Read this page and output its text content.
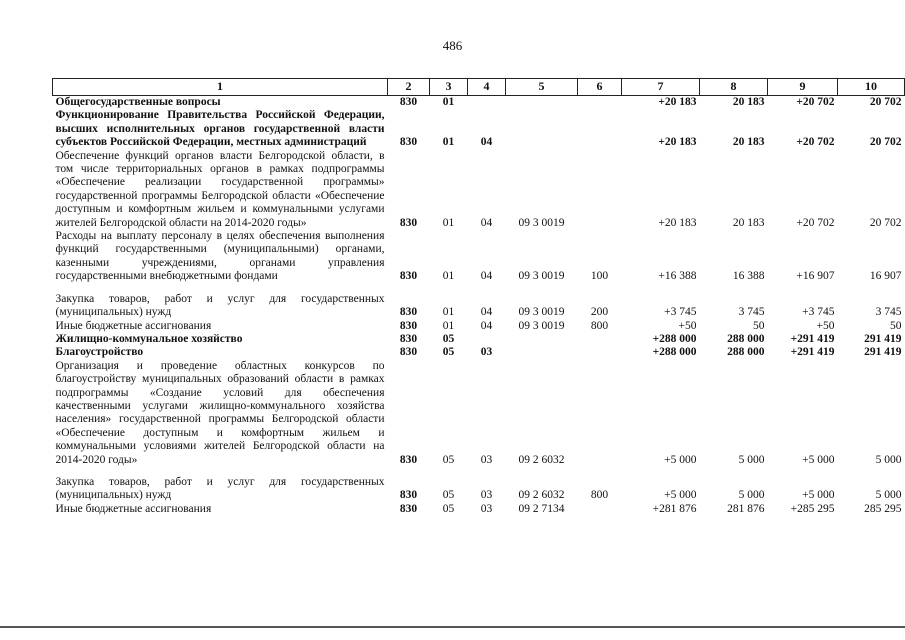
486
1	2	3	4	5	6	7	8	9	10
Общегосударственные вопросы	830	01				+20 183	20 183	+20 702	20 702
Функционирование Правительства Российской Федерации, высших исполнительных органов государственной власти субъектов Российской Федерации, местных администраций	830	01	04			+20 183	20 183	+20 702	20 702
Обеспечение функций органов власти Белгородской области, в том числе территориальных органов в рамках подпрограммы «Обеспечение реализации государственной программы» государственной программы Белгородской области «Обеспечение доступным и комфортным жильем и коммунальными услугами жителей Белгородской области на 2014-2020 годы»	830	01	04	09 3 0019		+20 183	20 183	+20 702	20 702
Расходы на выплату персоналу в целях обеспечения выполнения функций государственными (муниципальными) органами, казенными учреждениями, органами управления государственными внебюджетными фондами	830	01	04	09 3 0019	100	+16 388	16 388	+16 907	16 907
Закупка товаров, работ и услуг для государственных (муниципальных) нужд	830	01	04	09 3 0019	200	+3 745	3 745	+3 745	3 745
Иные бюджетные ассигнования	830	01	04	09 3 0019	800	+50	50	+50	50
Жилищно-коммунальное хозяйство	830	05				+288 000	288 000	+291 419	291 419
Благоустройство	830	05	03			+288 000	288 000	+291 419	291 419
Организация и проведение областных конкурсов по благоустройству муниципальных образований области в рамках подпрограммы «Создание условий для обеспечения качественными услугами жилищно-коммунального хозяйства населения» государственной программы Белгородской области «Обеспечение доступным и комфортным жильем и коммунальными условиями жителей Белгородской области на 2014-2020 годы»	830	05	03	09 2 6032		+5 000	5 000	+5 000	5 000
Закупка товаров, работ и услуг для государственных (муниципальных) нужд	830	05	03	09 2 6032	800	+5 000	5 000	+5 000	5 000
Иные бюджетные ассигнования	830	05	03	09 2 7134		+281 876	281 876	+285 295	285 295
